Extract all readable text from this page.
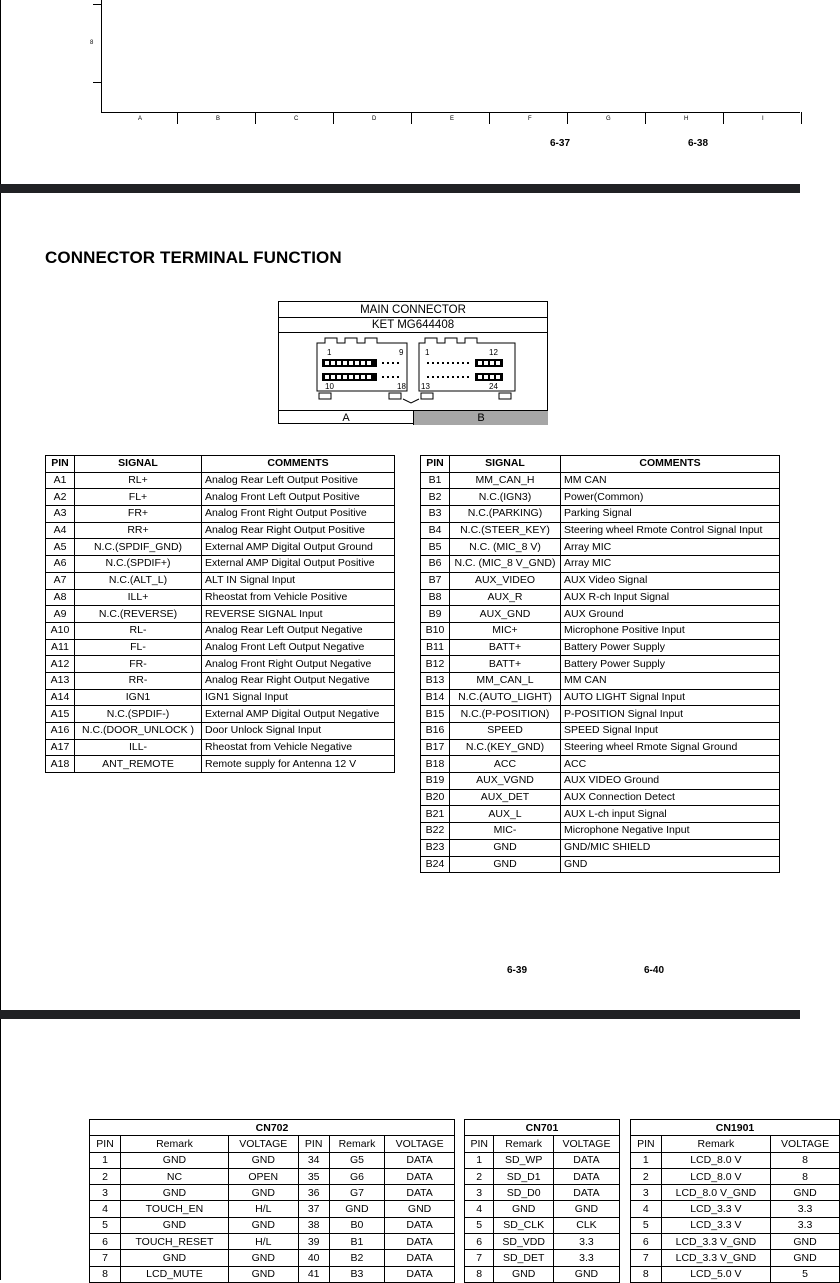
8
A	B	C	D	E	F	G	H	I
6-37	6-38
CONNECTOR TERMINAL FUNCTION
MAIN CONNECTOR
KET MG644408
1	9
10	18
1	12
13	24
A	B
PIN	SIGNAL	COMMENTS
A1	RL+	Analog Rear Left Output Positive
A2	FL+	Analog Front Left Output Positive
A3	FR+	Analog Front Right Output Positive
A4	RR+	Analog Rear Right Output Positive
A5	N.C.(SPDIF_GND)	External AMP Digital Output Ground
A6	N.C.(SPDIF+)	External AMP Digital Output Positive
A7	N.C.(ALT_L)	ALT IN Signal Input
A8	ILL+	Rheostat from Vehicle Positive
A9	N.C.(REVERSE)	REVERSE SIGNAL Input
A10	RL-	Analog Rear Left Output Negative
A11	FL-	Analog Front Left Output Negative
A12	FR-	Analog Front Right Output Negative
A13	RR-	Analog Rear Right Output Negative
A14	IGN1	IGN1 Signal Input
A15	N.C.(SPDIF-)	External AMP Digital Output Negative
A16	N.C.(DOOR_UNLOCK )	Door Unlock Signal Input
A17	ILL-	Rheostat from Vehicle Negative
A18	ANT_REMOTE	Remote supply for Antenna 12 V
PIN	SIGNAL	COMMENTS
B1	MM_CAN_H	MM CAN
B2	N.C.(IGN3)	Power(Common)
B3	N.C.(PARKING)	Parking Signal
B4	N.C.(STEER_KEY)	Steering wheel Rmote Control Signal Input
B5	N.C. (MIC_8 V)	Array MIC
B6	N.C. (MIC_8 V_GND)	Array MIC
B7	AUX_VIDEO	AUX Video Signal
B8	AUX_R	AUX R-ch Input Signal
B9	AUX_GND	AUX Ground
B10	MIC+	Microphone Positive Input
B11	BATT+	Battery Power Supply
B12	BATT+	Battery Power Supply
B13	MM_CAN_L	MM CAN
B14	N.C.(AUTO_LIGHT)	AUTO LIGHT Signal Input
B15	N.C.(P-POSITION)	P-POSITION Signal Input
B16	SPEED	SPEED Signal Input
B17	N.C.(KEY_GND)	Steering wheel Rmote Signal Ground
B18	ACC	ACC
B19	AUX_VGND	AUX VIDEO Ground
B20	AUX_DET	AUX Connection Detect
B21	AUX_L	AUX L-ch input Signal
B22	MIC-	Microphone Negative Input
B23	GND	GND/MIC SHIELD
B24	GND	GND
6-39	6-40
CN702					
PIN	Remark	VOLTAGE	PIN	Remark	VOLTAGE
1	GND	GND	34	G5	DATA
2	NC	OPEN	35	G6	DATA
3	GND	GND	36	G7	DATA
4	TOUCH_EN	H/L	37	GND	GND
5	GND	GND	38	B0	DATA
6	TOUCH_RESET	H/L	39	B1	DATA
7	GND	GND	40	B2	DATA
8	LCD_MUTE	GND	41	B3	DATA
CN701		
PIN	Remark	VOLTAGE
1	SD_WP	DATA
2	SD_D1	DATA
3	SD_D0	DATA
4	GND	GND
5	SD_CLK	CLK
6	SD_VDD	3.3
7	SD_DET	3.3
8	GND	GND
CN1901		
PIN	Remark	VOLTAGE
1	LCD_8.0 V	8
2	LCD_8.0 V	8
3	LCD_8.0 V_GND	GND
4	LCD_3.3 V	3.3
5	LCD_3.3 V	3.3
6	LCD_3.3 V_GND	GND
7	LCD_3.3 V_GND	GND
8	LCD_5.0 V	5
